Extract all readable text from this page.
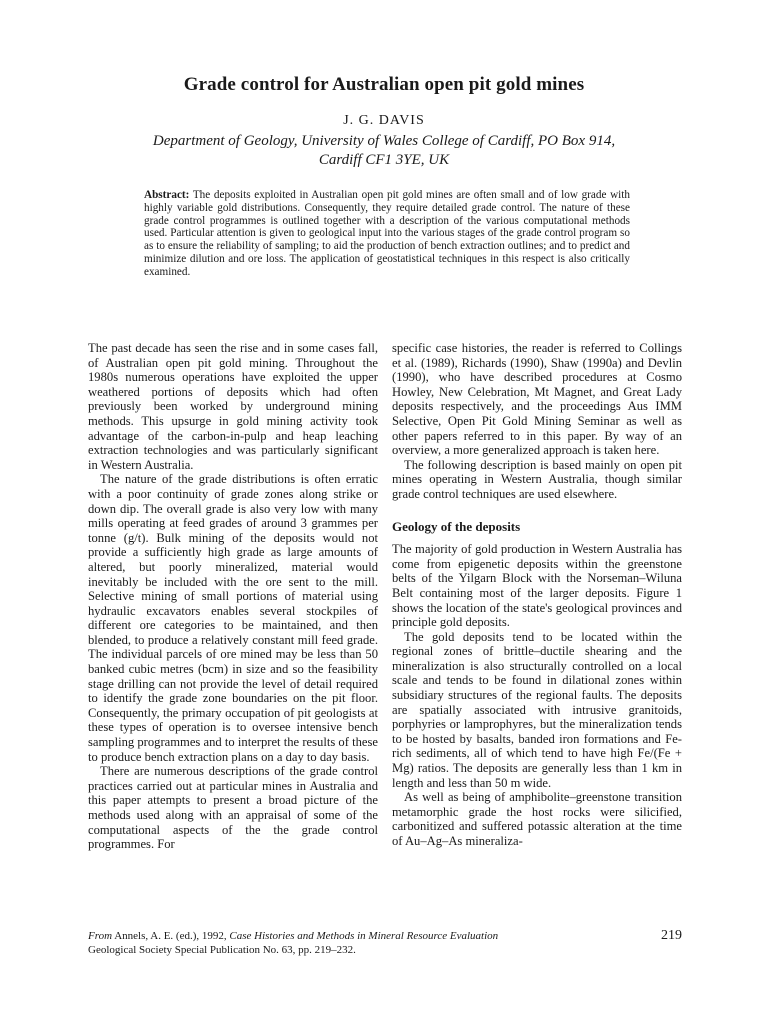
Grade control for Australian open pit gold mines
J. G. DAVIS
Department of Geology, University of Wales College of Cardiff, PO Box 914,
Cardiff CF1 3YE, UK
Abstract: The deposits exploited in Australian open pit gold mines are often small and of low grade with highly variable gold distributions. Consequently, they require detailed grade control. The nature of these grade control programmes is outlined together with a description of the various computational methods used. Particular attention is given to geological input into the various stages of the grade control program so as to ensure the reliability of sampling; to aid the production of bench extraction outlines; and to predict and minimize dilution and ore loss. The application of geostatistical techniques in this respect is also critically examined.

The past decade has seen the rise and in some cases fall, of Australian open pit gold mining. Throughout the 1980s numerous operations have exploited the upper weathered portions of deposits which had often previously been worked by underground mining methods. This upsurge in gold mining activity took advantage of the carbon-in-pulp and heap leaching extraction technologies and was particularly significant in Western Australia.

The nature of the grade distributions is often erratic with a poor continuity of grade zones along strike or down dip. The overall grade is also very low with many mills operating at feed grades of around 3 grammes per tonne (g/t). Bulk mining of the deposits would not provide a sufficiently high grade as large amounts of altered, but poorly mineralized, material would inevitably be included with the ore sent to the mill. Selective mining of small portions of material using hydraulic excavators enables several stockpiles of different ore categories to be maintained, and then blended, to produce a relatively constant mill feed grade. The individual parcels of ore mined may be less than 50 banked cubic metres (bcm) in size and so the feasibility stage drilling can not provide the level of detail required to identify the grade zone boundaries on the pit floor. Consequently, the primary occupation of pit geologists at these types of operation is to oversee intensive bench sampling programmes and to interpret the results of these to produce bench extraction plans on a day to day basis.

There are numerous descriptions of the grade control practices carried out at particular mines in Australia and this paper attempts to present a broad picture of the methods used along with an appraisal of some of the computational aspects of the the grade control programmes. For

specific case histories, the reader is referred to Collings et al. (1989), Richards (1990), Shaw (1990a) and Devlin (1990), who have described procedures at Cosmo Howley, New Celebration, Mt Magnet, and Great Lady deposits respectively, and the proceedings Aus IMM Selective, Open Pit Gold Mining Seminar as well as other papers referred to in this paper. By way of an overview, a more generalized approach is taken here.

The following description is based mainly on open pit mines operating in Western Australia, though similar grade control techniques are used elsewhere.

Geology of the deposits

The majority of gold production in Western Australia has come from epigenetic deposits within the greenstone belts of the Yilgarn Block with the Norseman–Wiluna Belt containing most of the larger deposits. Figure 1 shows the location of the state's geological provinces and principle gold deposits.

The gold deposits tend to be located within the regional zones of brittle–ductile shearing and the mineralization is also structurally controlled on a local scale and tends to be found in dilational zones within subsidiary structures of the regional faults. The deposits are spatially associated with intrusive granitoids, porphyries or lamprophyres, but the mineralization tends to be hosted by basalts, banded iron formations and Fe-rich sediments, all of which tend to have high Fe/(Fe + Mg) ratios. The deposits are generally less than 1 km in length and less than 50 m wide.

As well as being of amphibolite–greenstone transition metamorphic grade the host rocks were silicified, carbonitized and suffered potassic alteration at the time of Au–Ag–As mineraliza-

From Annels, A. E. (ed.), 1992, Case Histories and Methods in Mineral Resource Evaluation
Geological Society Special Publication No. 63, pp. 219–232.
219
